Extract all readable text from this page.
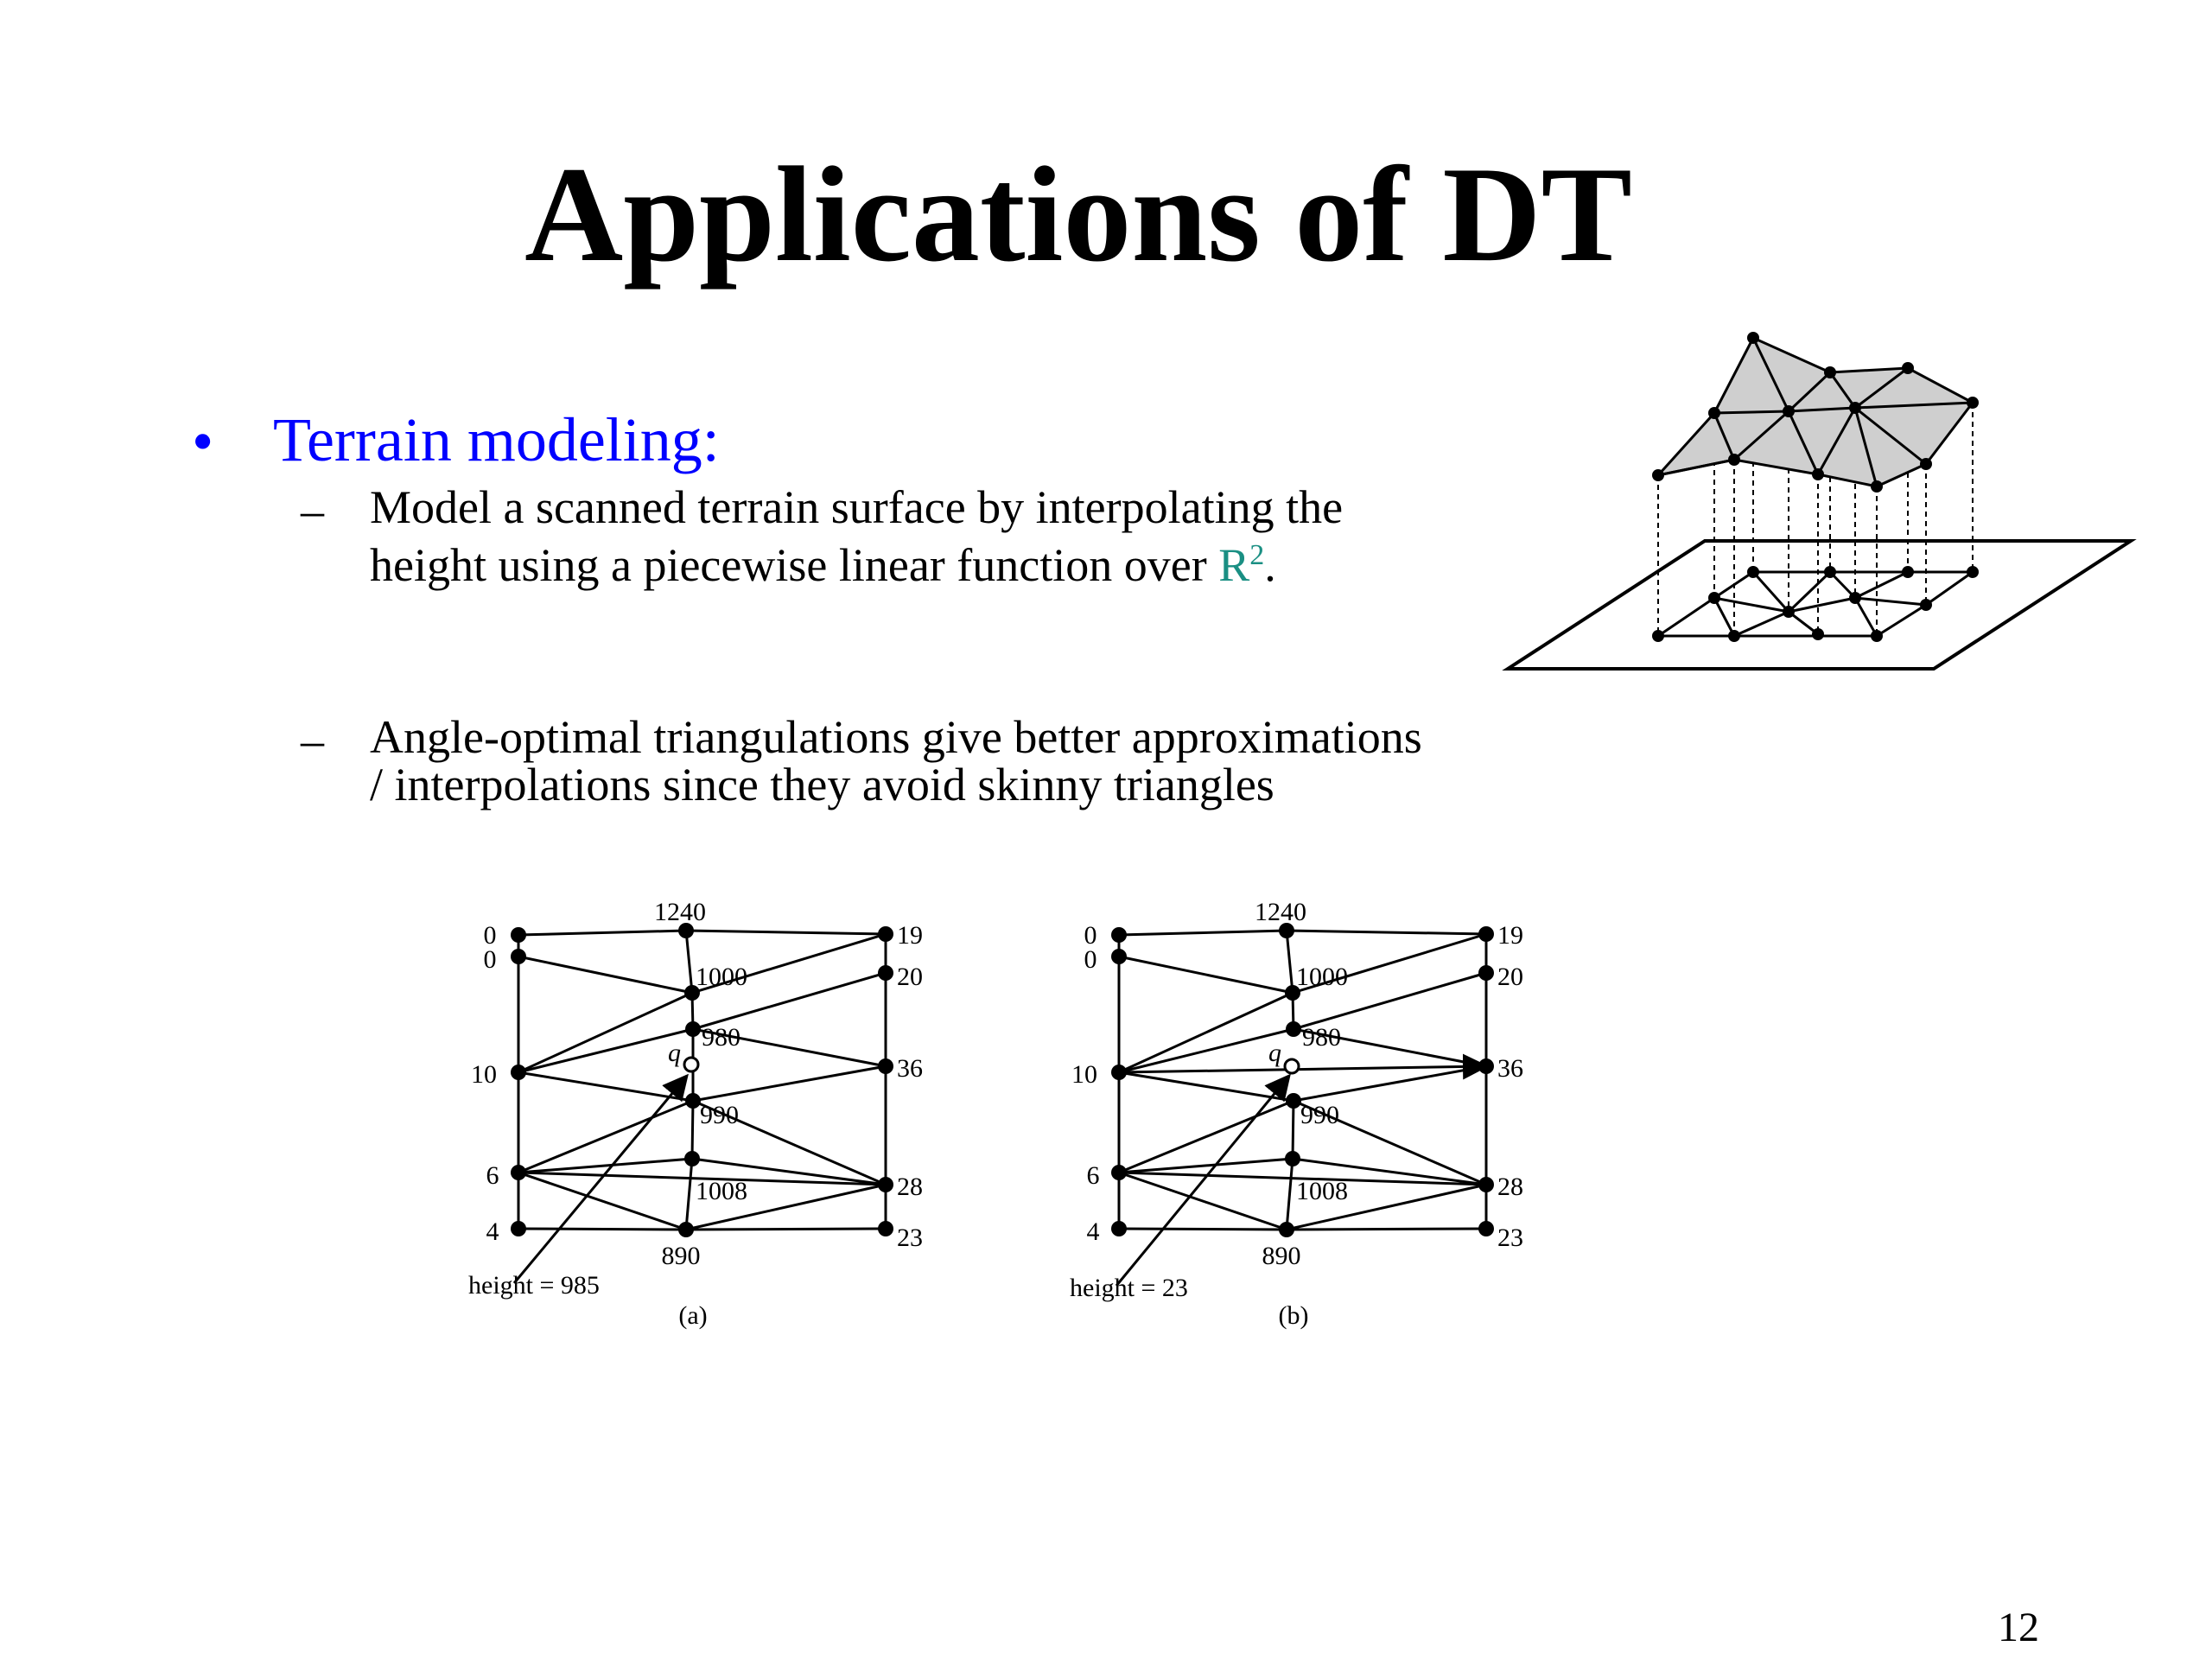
Applications of DT
• Terrain modeling:
– Model a scanned terrain surface by interpolating the
height using a piecewise linear function over $R^2$.
– Angle-optimal triangulations give better approximations
/ interpolations since they avoid skinny triangles
0
0
10
6
4
1240
1000
980
990
1008
890
19
20
36
28
23
q
height = 985
(a)
0
0
10
6
4
1240
1000
980
990
1008
890
19
20
36
28
23
q
height = 23
(b)
12
